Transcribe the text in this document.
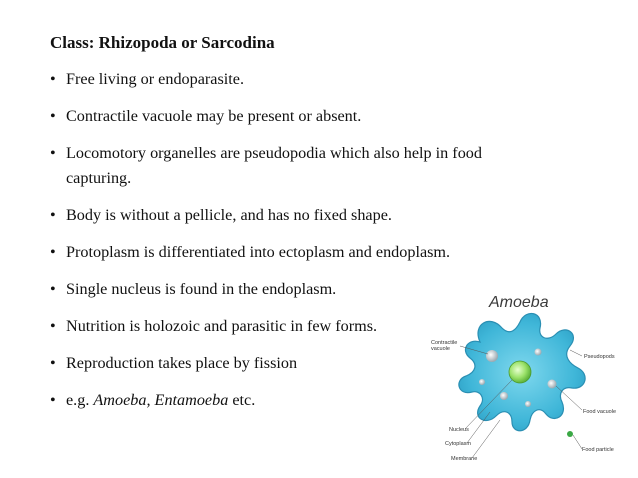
Class: Rhizopoda or Sarcodina
• Free living or endoparasite.
• Contractile vacuole may be present or absent.
• Locomotory organelles are pseudopodia which also help in food capturing.
• Body is without a pellicle, and has no fixed shape.
• Protoplasm is differentiated into ectoplasm and endoplasm.
• Single nucleus is found in the endoplasm.
• Nutrition is holozoic and parasitic in few forms.
• Reproduction takes place by fission
• e.g. Amoeba, Entamoeba etc.
Amoeba
Contractile vacuole
Pseudopods
Food vacuole
Nucleus
Cytoplasm
Food particle
Membrane
